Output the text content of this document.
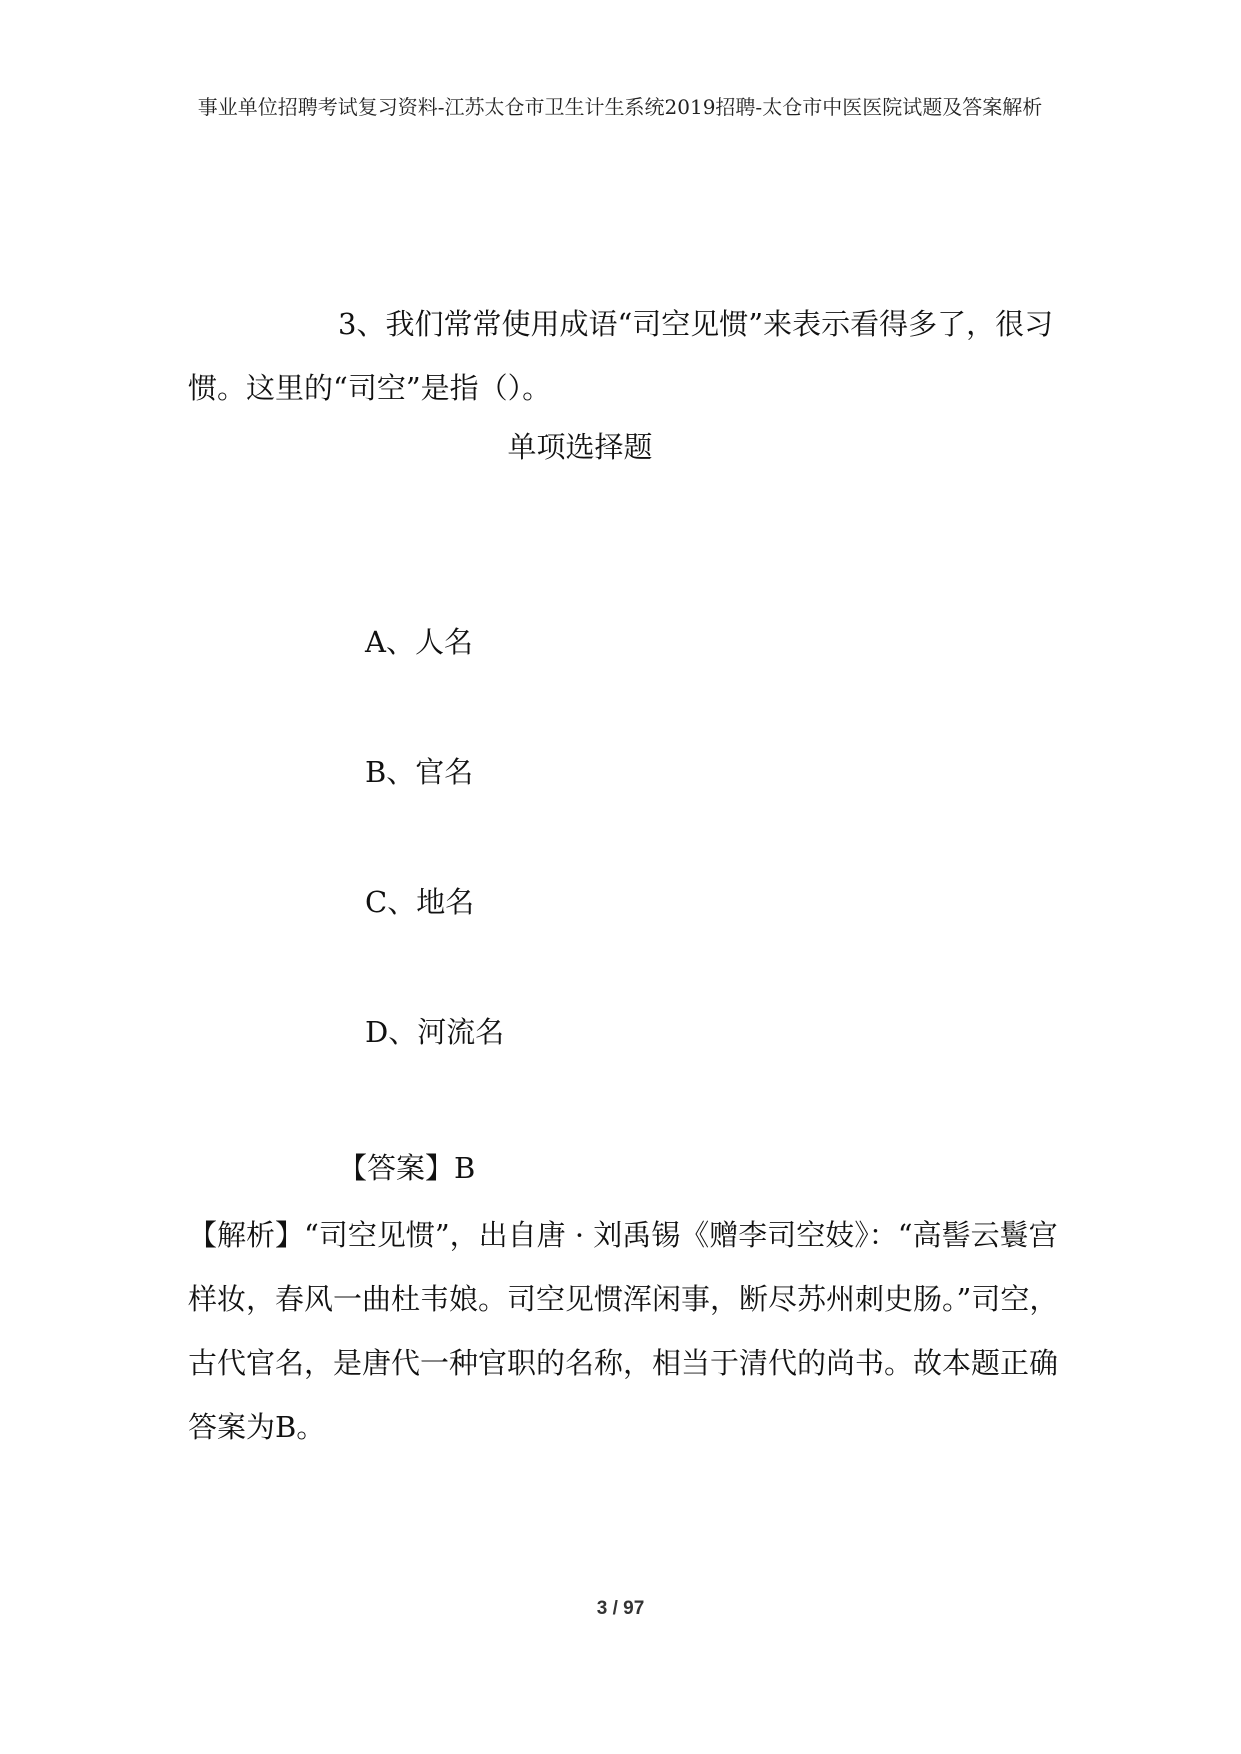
事业单位招聘考试复习资料-江苏太仓市卫生计生系统2019招聘-太仓市中医医院试题及答案解析

3、我们常常使用成语“司空见惯”来表示看得多了，很习惯。这里的“司空”是指（）。

单项选择题

A、人名

B、官名

C、地名

D、河流名

【答案】B

【解析】“司空见惯”，出自唐 · 刘禹锡《赠李司空妓》：“高髻云鬟宫样妆，春风一曲杜韦娘。司空见惯浑闲事，断尽苏州刺史肠。”司空，古代官名，是唐代一种官职的名称，相当于清代的尚书。故本题正确答案为B。

3 / 97
